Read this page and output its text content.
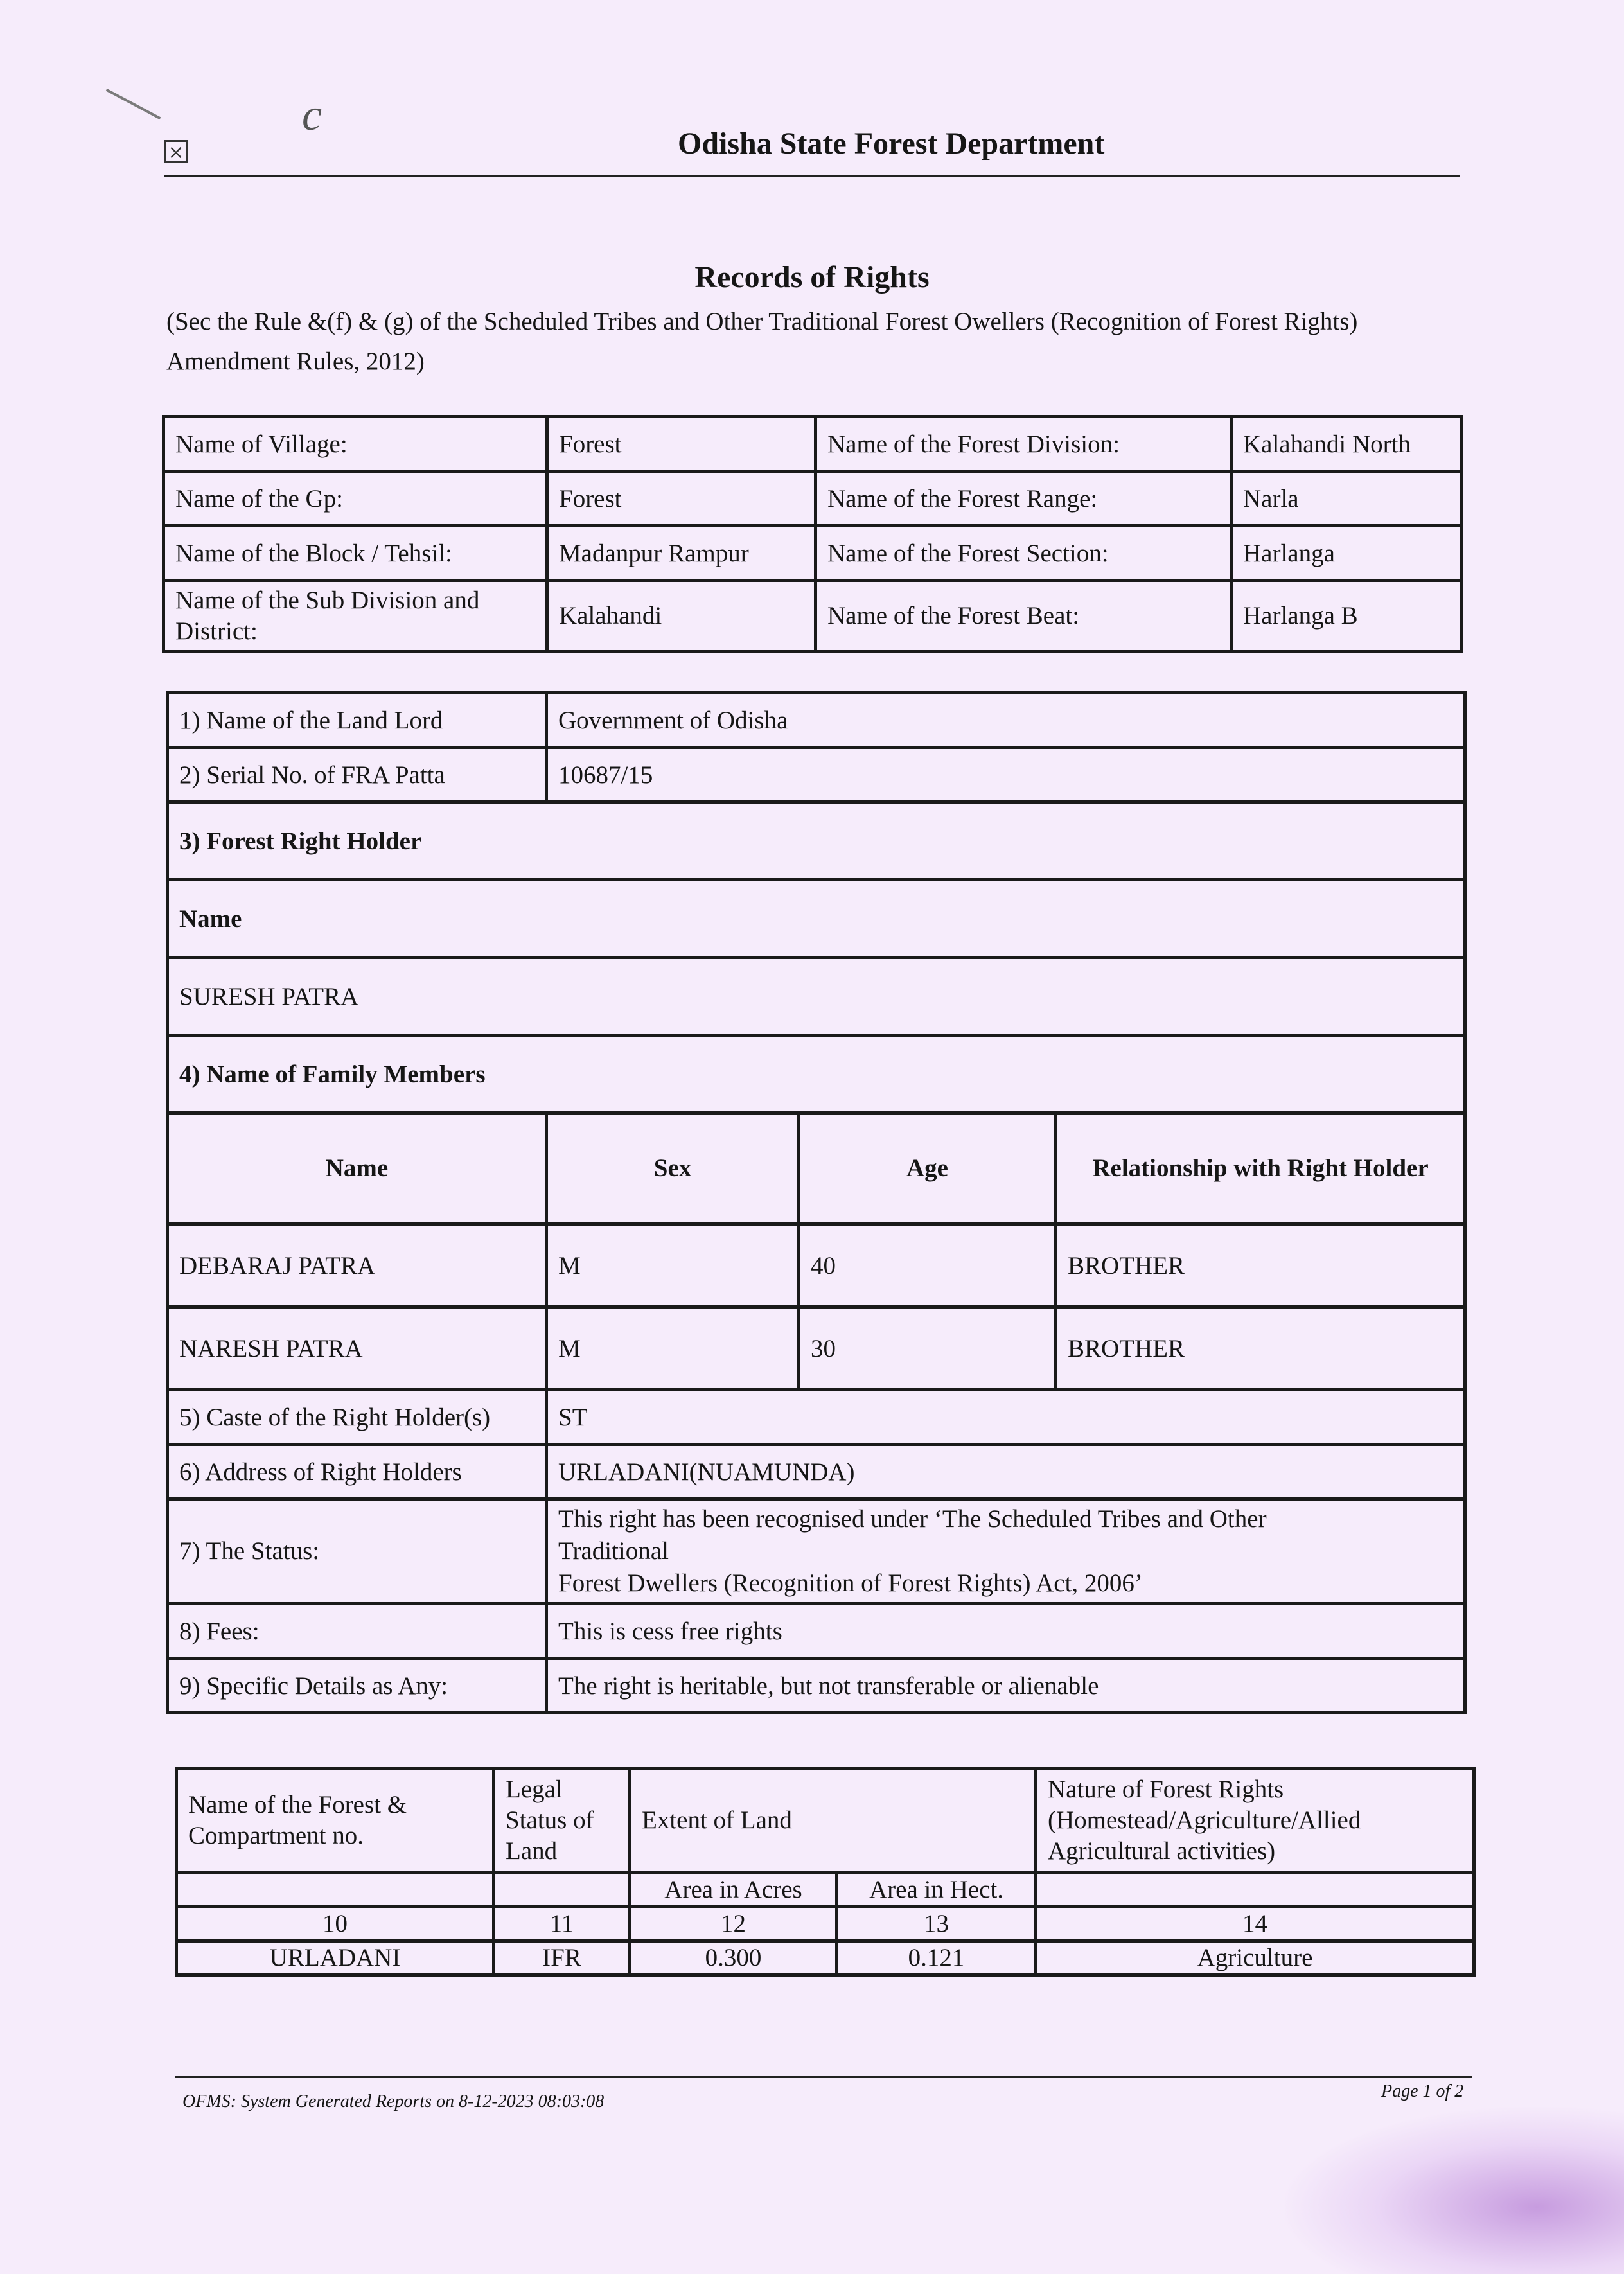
c
×	Odisha State Forest Department
Records of Rights
(Sec the Rule &(f) & (g) of the Scheduled Tribes and Other Traditional Forest Owellers (Recognition of Forest Rights) Amendment Rules, 2012)
Name of Village:	Forest	Name of the Forest Division:	Kalahandi North
Name of the Gp:	Forest	Name of the Forest Range:	Narla
Name of the Block / Tehsil:	Madanpur Rampur	Name of the Forest Section:	Harlanga
Name of the Sub Division and District:	Kalahandi	Name of the Forest Beat:	Harlanga B
1) Name of the Land Lord	Government of Odisha		
2) Serial No. of FRA Patta	10687/15		
3) Forest Right Holder			
Name			
SURESH PATRA			
4) Name of Family Members			
Name	Sex	Age	Relationship with Right Holder
DEBARAJ PATRA	M	40	BROTHER
NARESH PATRA	M	30	BROTHER
5) Caste of the Right Holder(s)	ST		
6) Address of Right Holders	URLADANI(NUAMUNDA)		
7) The Status:	This right has been recognised under ‘The Scheduled Tribes and Other
Traditional
Forest Dwellers (Recognition of Forest Rights) Act, 2006’		

8) Fees:	This is cess free rights		
9) Specific Details as Any:	The right is heritable, but not transferable or alienable		
Name of the Forest & Compartment no.	Legal Status of Land	Extent of Land		Nature of Forest Rights (Homestead/Agriculture/Allied Agricultural activities)
		Area in Acres	Area in Hect.	
10	11	12	13	14
URLADANI	IFR	0.300	0.121	Agriculture
OFMS: System Generated Reports on 8-12-2023 08:03:08
Page 1 of 2
